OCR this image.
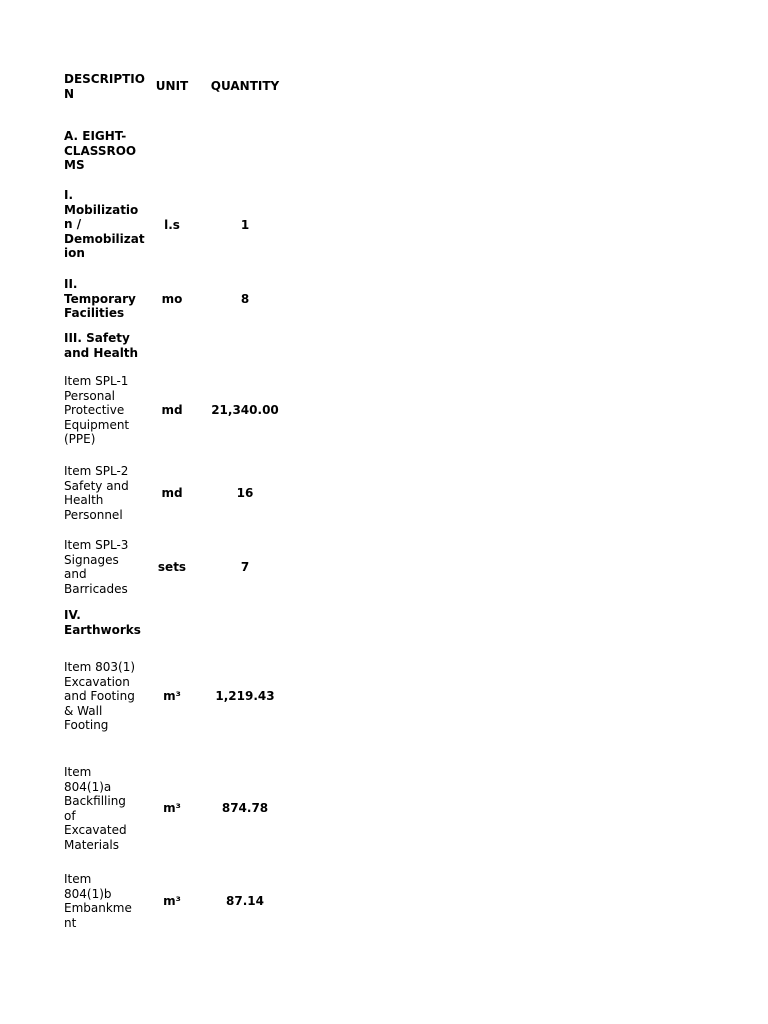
DESCRIPTIO
N
UNIT	QUANTITY
A. EIGHT-
CLASSROO
MS
I.
Mobilizatio
n /
Demobilizat
ion
l.s	1
II.
Temporary
Facilities
mo	8
III. Safety
and Health
Item SPL-1
Personal
Protective
Equipment
(PPE)
md	21,340.00
Item SPL-2
Safety and
Health
Personnel
md	16
Item SPL-3
Signages
and
Barricades
sets	7
IV.
Earthworks
Item 803(1)
Excavation
and Footing
& Wall
Footing
m³	1,219.43
Item
804(1)a
Backfilling
of
Excavated
Materials
m³	874.78
Item
804(1)b
Embankme
nt
m³	87.14
